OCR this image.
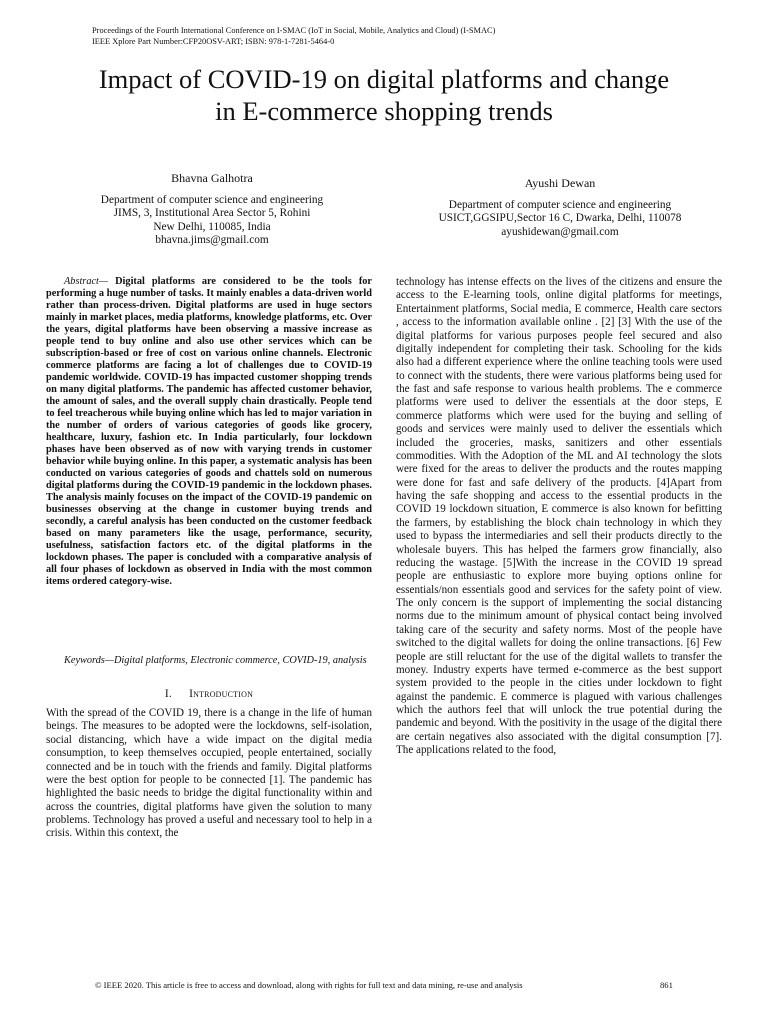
Proceedings of the Fourth International Conference on I-SMAC (IoT in Social, Mobile, Analytics and Cloud) (I-SMAC)
IEEE Xplore Part Number:CFP20OSV-ART; ISBN: 978-1-7281-5464-0
Impact of COVID-19 on digital platforms and change
in E-commerce shopping trends
Bhavna Galhotra
Department of computer science and engineering
JIMS, 3, Institutional Area Sector 5, Rohini
New Delhi, 110085, India
bhavna.jims@gmail.com
Ayushi Dewan
Department of computer science and engineering
USICT,GGSIPU,Sector 16 C, Dwarka, Delhi, 110078
ayushidewan@gmail.com

Abstract— Digital platforms are considered to be the tools for performing a huge number of tasks. It mainly enables a data-driven world rather than process-driven. Digital platforms are used in huge sectors mainly in market places, media platforms, knowledge platforms, etc. Over the years, digital platforms have been observing a massive increase as people tend to buy online and also use other services which can be subscription-based or free of cost on various online channels. Electronic commerce platforms are facing a lot of challenges due to COVID-19 pandemic worldwide. COVID-19 has impacted customer shopping trends on many digital platforms. The pandemic has affected customer behavior, the amount of sales, and the overall supply chain drastically. People tend to feel treacherous while buying online which has led to major variation in the number of orders of various categories of goods like grocery, healthcare, luxury, fashion etc. In India particularly, four lockdown phases have been observed as of now with varying trends in customer behavior while buying online. In this paper, a systematic analysis has been conducted on various categories of goods and chattels sold on numerous digital platforms during the COVID-19 pandemic in the lockdown phases. The analysis mainly focuses on the impact of the COVID-19 pandemic on businesses observing at the change in customer buying trends and secondly, a careful analysis has been conducted on the customer feedback based on many parameters like the usage, performance, security, usefulness, satisfaction factors etc. of the digital platforms in the lockdown phases. The paper is concluded with a comparative analysis of all four phases of lockdown as observed in India with the most common items ordered category-wise.

Keywords—Digital platforms, Electronic commerce, COVID-19, analysis

I. Introduction

With the spread of the COVID 19, there is a change in the life of human beings. The measures to be adopted were the lockdowns, self-isolation, social distancing, which have a wide impact on the digital media consumption, to keep themselves occupied, people entertained, socially connected and be in touch with the friends and family. Digital platforms were the best option for people to be connected [1]. The pandemic has highlighted the basic needs to bridge the digital functionality within and across the countries, digital platforms have given the solution to many problems. Technology has proved a useful and necessary tool to help in a crisis. Within this context, the

technology has intense effects on the lives of the citizens and ensure the access to the E-learning tools, online digital platforms for meetings, Entertainment platforms, Social media, E commerce, Health care sectors , access to the information available online . [2] [3] With the use of the digital platforms for various purposes people feel secured and also digitally independent for completing their task. Schooling for the kids also had a different experience where the online teaching tools were used to connect with the students, there were various platforms being used for the fast and safe response to various health problems. The e commerce platforms were used to deliver the essentials at the door steps, E commerce platforms which were used for the buying and selling of goods and services were mainly used to deliver the essentials which included the groceries, masks, sanitizers and other essentials commodities. With the Adoption of the ML and AI technology the slots were fixed for the areas to deliver the products and the routes mapping were done for fast and safe delivery of the products. [4]Apart from having the safe shopping and access to the essential products in the COVID 19 lockdown situation, E commerce is also known for befitting the farmers, by establishing the block chain technology in which they used to bypass the intermediaries and sell their products directly to the wholesale buyers. This has helped the farmers grow financially, also reducing the wastage. [5]With the increase in the COVID 19 spread people are enthusiastic to explore more buying options online for essentials/non essentials good and services for the safety point of view. The only concern is the support of implementing the social distancing norms due to the minimum amount of physical contact being involved taking care of the security and safety norms. Most of the people have switched to the digital wallets for doing the online transactions. [6] Few people are still reluctant for the use of the digital wallets to transfer the money. Industry experts have termed e-commerce as the best support system provided to the people in the cities under lockdown to fight against the pandemic. E commerce is plagued with various challenges which the authors feel that will unlock the true potential during the pandemic and beyond. With the positivity in the usage of the digital there are certain negatives also associated with the digital consumption [7]. The applications related to the food,

© IEEE 2020. This article is free to access and download, along with rights for full text and data mining, re-use and analysis	861
